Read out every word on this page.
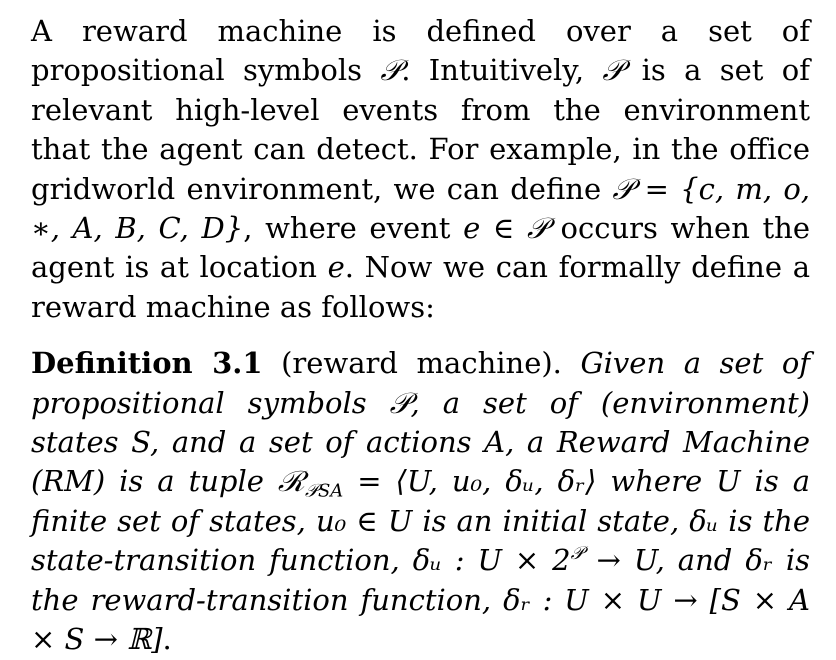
A reward machine is defined over a set of propositional symbols 𝒫. Intuitively, 𝒫 is a set of relevant high-level events from the environment that the agent can detect. For example, in the office gridworld environment, we can define 𝒫 = {c, m, o, ∗, A, B, C, D}, where event e ∈ 𝒫 occurs when the agent is at location e. Now we can formally define a reward machine as follows:

Definition 3.1 (reward machine). Given a set of propositional symbols 𝒫, a set of (environment) states S, and a set of actions A, a Reward Machine (RM) is a tuple ℛ$_{𝒫SA}$ = ⟨U, u₀, δᵤ, δᵣ⟩ where U is a finite set of states, u₀ ∈ U is an initial state, δᵤ is the state-transition function, δᵤ : $U \times 2^𝒫 \to U$, and δᵣ is the reward-transition function, δᵣ : U × U → [S × A × S → ℝ].
